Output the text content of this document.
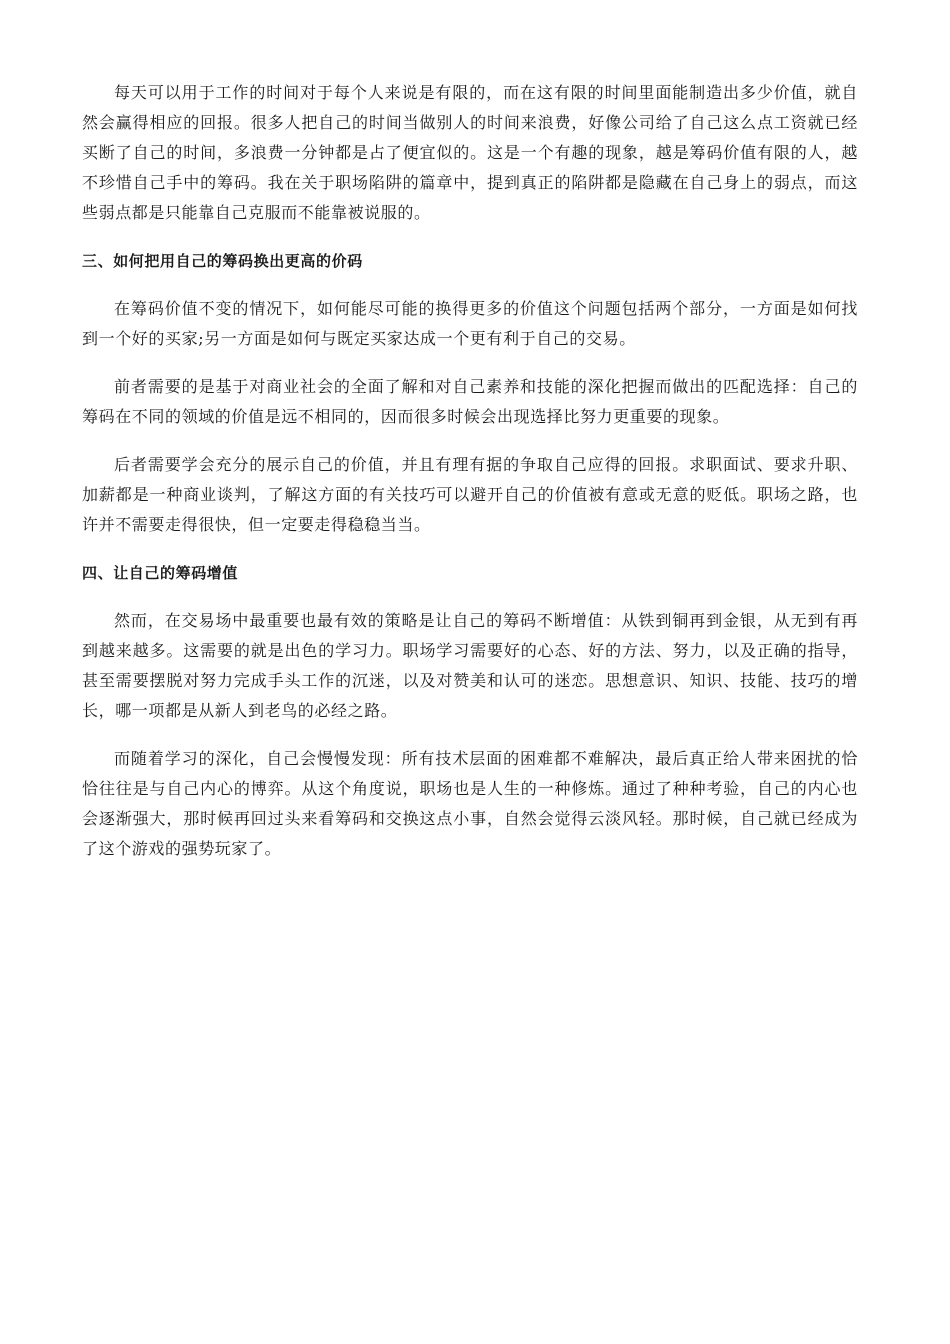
每天可以用于工作的时间对于每个人来说是有限的，而在这有限的时间里面能制造出多少价值，就自然会赢得相应的回报。很多人把自己的时间当做别人的时间来浪费，好像公司给了自己这么点工资就已经买断了自己的时间，多浪费一分钟都是占了便宜似的。这是一个有趣的现象，越是筹码价值有限的人，越不珍惜自己手中的筹码。我在关于职场陷阱的篇章中，提到真正的陷阱都是隐藏在自己身上的弱点，而这些弱点都是只能靠自己克服而不能靠被说服的。

三、如何把用自己的筹码换出更高的价码

在筹码价值不变的情况下，如何能尽可能的换得更多的价值这个问题包括两个部分，一方面是如何找到一个好的买家;另一方面是如何与既定买家达成一个更有利于自己的交易。

前者需要的是基于对商业社会的全面了解和对自己素养和技能的深化把握而做出的匹配选择：自己的筹码在不同的领域的价值是远不相同的，因而很多时候会出现选择比努力更重要的现象。

后者需要学会充分的展示自己的价值，并且有理有据的争取自己应得的回报。求职面试、要求升职、加薪都是一种商业谈判，了解这方面的有关技巧可以避开自己的价值被有意或无意的贬低。职场之路，也许并不需要走得很快，但一定要走得稳稳当当。

四、让自己的筹码增值

然而，在交易场中最重要也最有效的策略是让自己的筹码不断增值：从铁到铜再到金银，从无到有再到越来越多。这需要的就是出色的学习力。职场学习需要好的心态、好的方法、努力，以及正确的指导，甚至需要摆脱对努力完成手头工作的沉迷，以及对赞美和认可的迷恋。思想意识、知识、技能、技巧的增长，哪一项都是从新人到老鸟的必经之路。

而随着学习的深化，自己会慢慢发现：所有技术层面的困难都不难解决，最后真正给人带来困扰的恰恰往往是与自己内心的博弈。从这个角度说，职场也是人生的一种修炼。通过了种种考验，自己的内心也会逐渐强大，那时候再回过头来看筹码和交换这点小事，自然会觉得云淡风轻。那时候，自己就已经成为了这个游戏的强势玩家了。
